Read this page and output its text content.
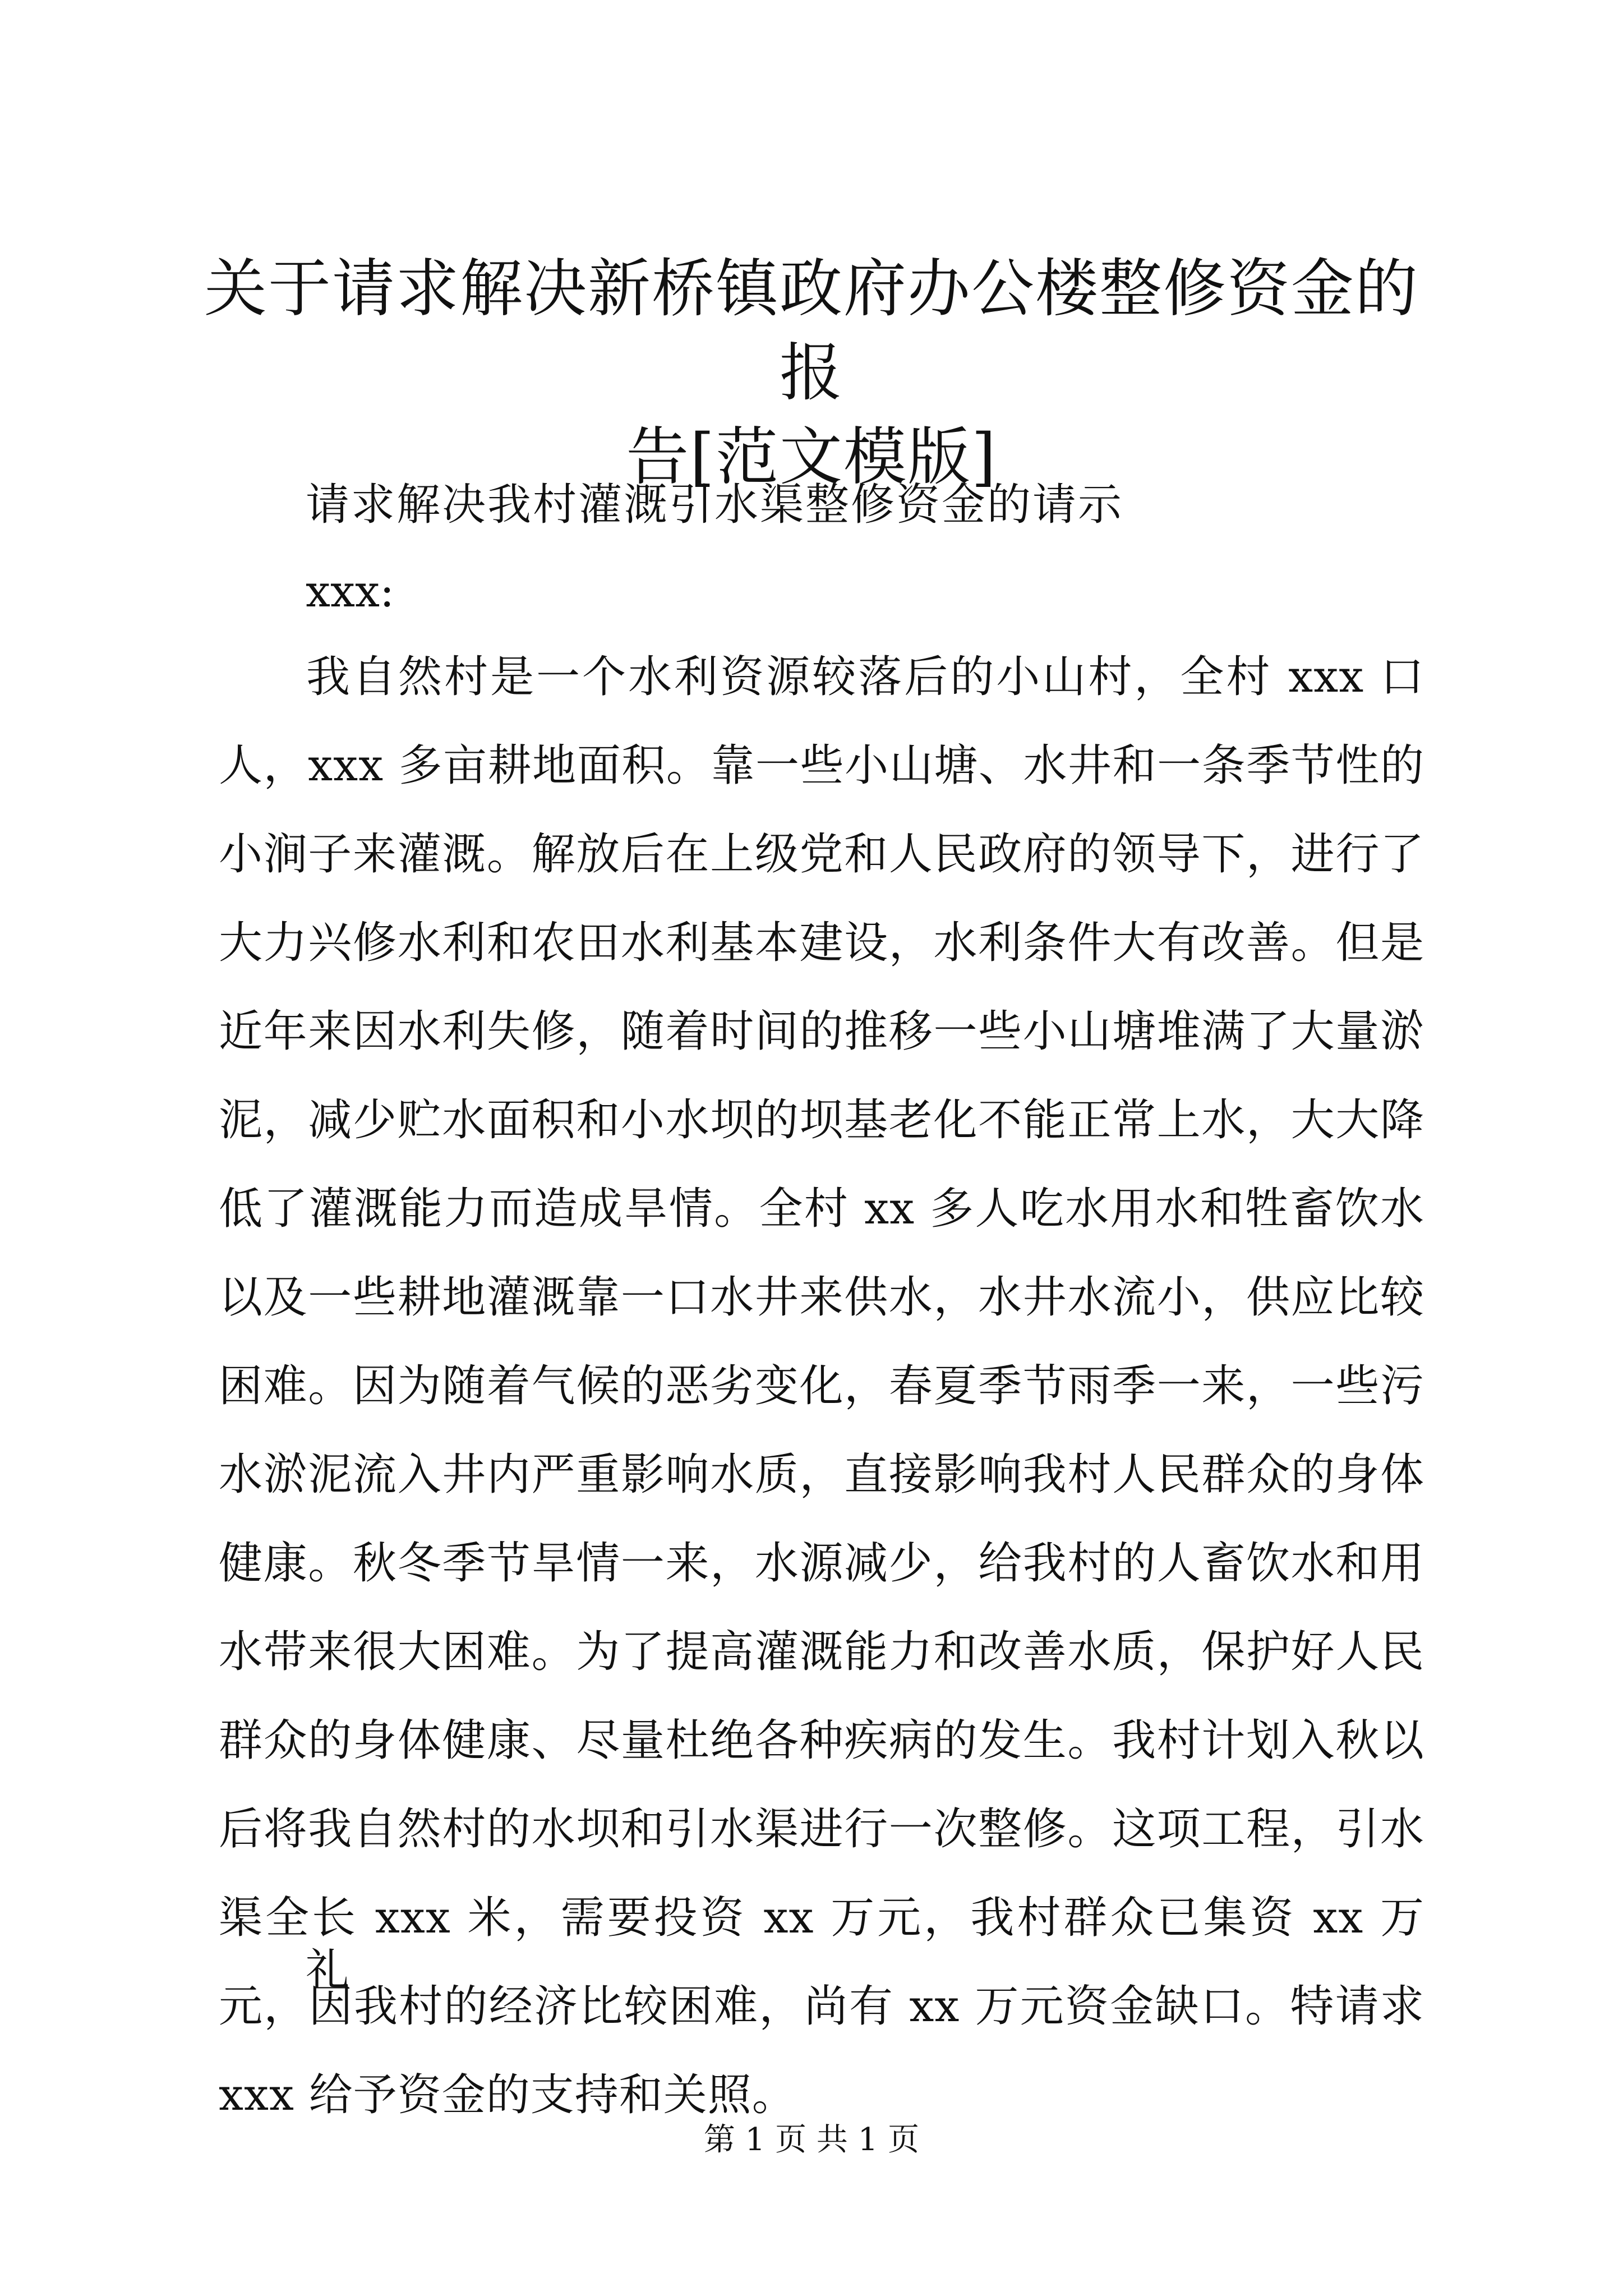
关于请求解决新桥镇政府办公楼整修资金的报
告[范文模版]

请求解决我村灌溉引水渠整修资金的请示

xxx:

我自然村是一个水利资源较落后的小山村，全村 xxx 口人，xxx 多亩耕地面积。靠一些小山塘、水井和一条季节性的小涧子来灌溉。解放后在上级党和人民政府的领导下，进行了大力兴修水利和农田水利基本建设，水利条件大有改善。但是近年来因水利失修，随着时间的推移一些小山塘堆满了大量淤泥，减少贮水面积和小水坝的坝基老化不能正常上水，大大降低了灌溉能力而造成旱情。全村 xx 多人吃水用水和牲畜饮水以及一些耕地灌溉靠一口水井来供水，水井水流小，供应比较困难。因为随着气候的恶劣变化，春夏季节雨季一来，一些污水淤泥流入井内严重影响水质，直接影响我村人民群众的身体健康。秋冬季节旱情一来，水源减少，给我村的人畜饮水和用水带来很大困难。为了提高灌溉能力和改善水质，保护好人民群众的身体健康、尽量杜绝各种疾病的发生。我村计划入秋以后将我自然村的水坝和引水渠进行一次整修。这项工程，引水渠全长 xxx 米，需要投资 xx 万元，我村群众已集资 xx 万元，因我村的经济比较困难，尚有 xx 万元资金缺口。特请求 xxx 给予资金的支持和关照。

礼

第 1 页 共 1 页
